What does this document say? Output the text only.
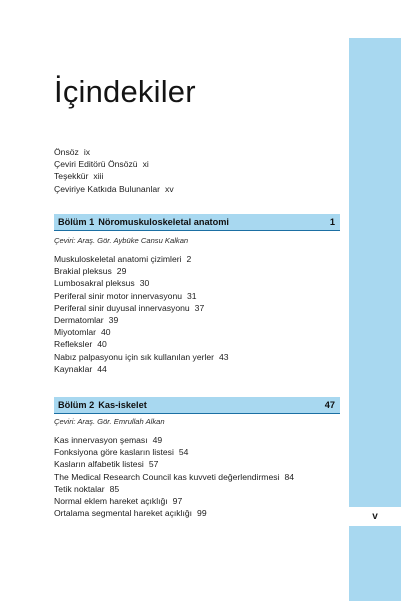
v
İçindekiler
Önsöz ix
Çeviri Editörü Önsözü xi
Teşekkür xiii
Çeviriye Katkıda Bulunanlar xv
Bölüm 1 Nöromuskuloskeletal anatomi	1
Çeviri: Araş. Gör. Aybüke Cansu Kalkan
Muskuloskeletal anatomi çizimleri 2
Brakial pleksus 29
Lumbosakral pleksus 30
Periferal sinir motor innervasyonu 31
Periferal sinir duyusal innervasyonu 37
Dermatomlar 39
Miyotomlar 40
Refleksler 40
Nabız palpasyonu için sık kullanılan yerler 43
Kaynaklar 44
Bölüm 2 Kas-iskelet	47
Çeviri: Araş. Gör. Emrullah Alkan
Kas innervasyon şeması 49
Fonksiyona göre kasların listesi 54
Kasların alfabetik listesi 57
The Medical Research Council kas kuvveti değerlendirmesi 84
Tetik noktalar 85
Normal eklem hareket açıklığı 97
Ortalama segmental hareket açıklığı 99
